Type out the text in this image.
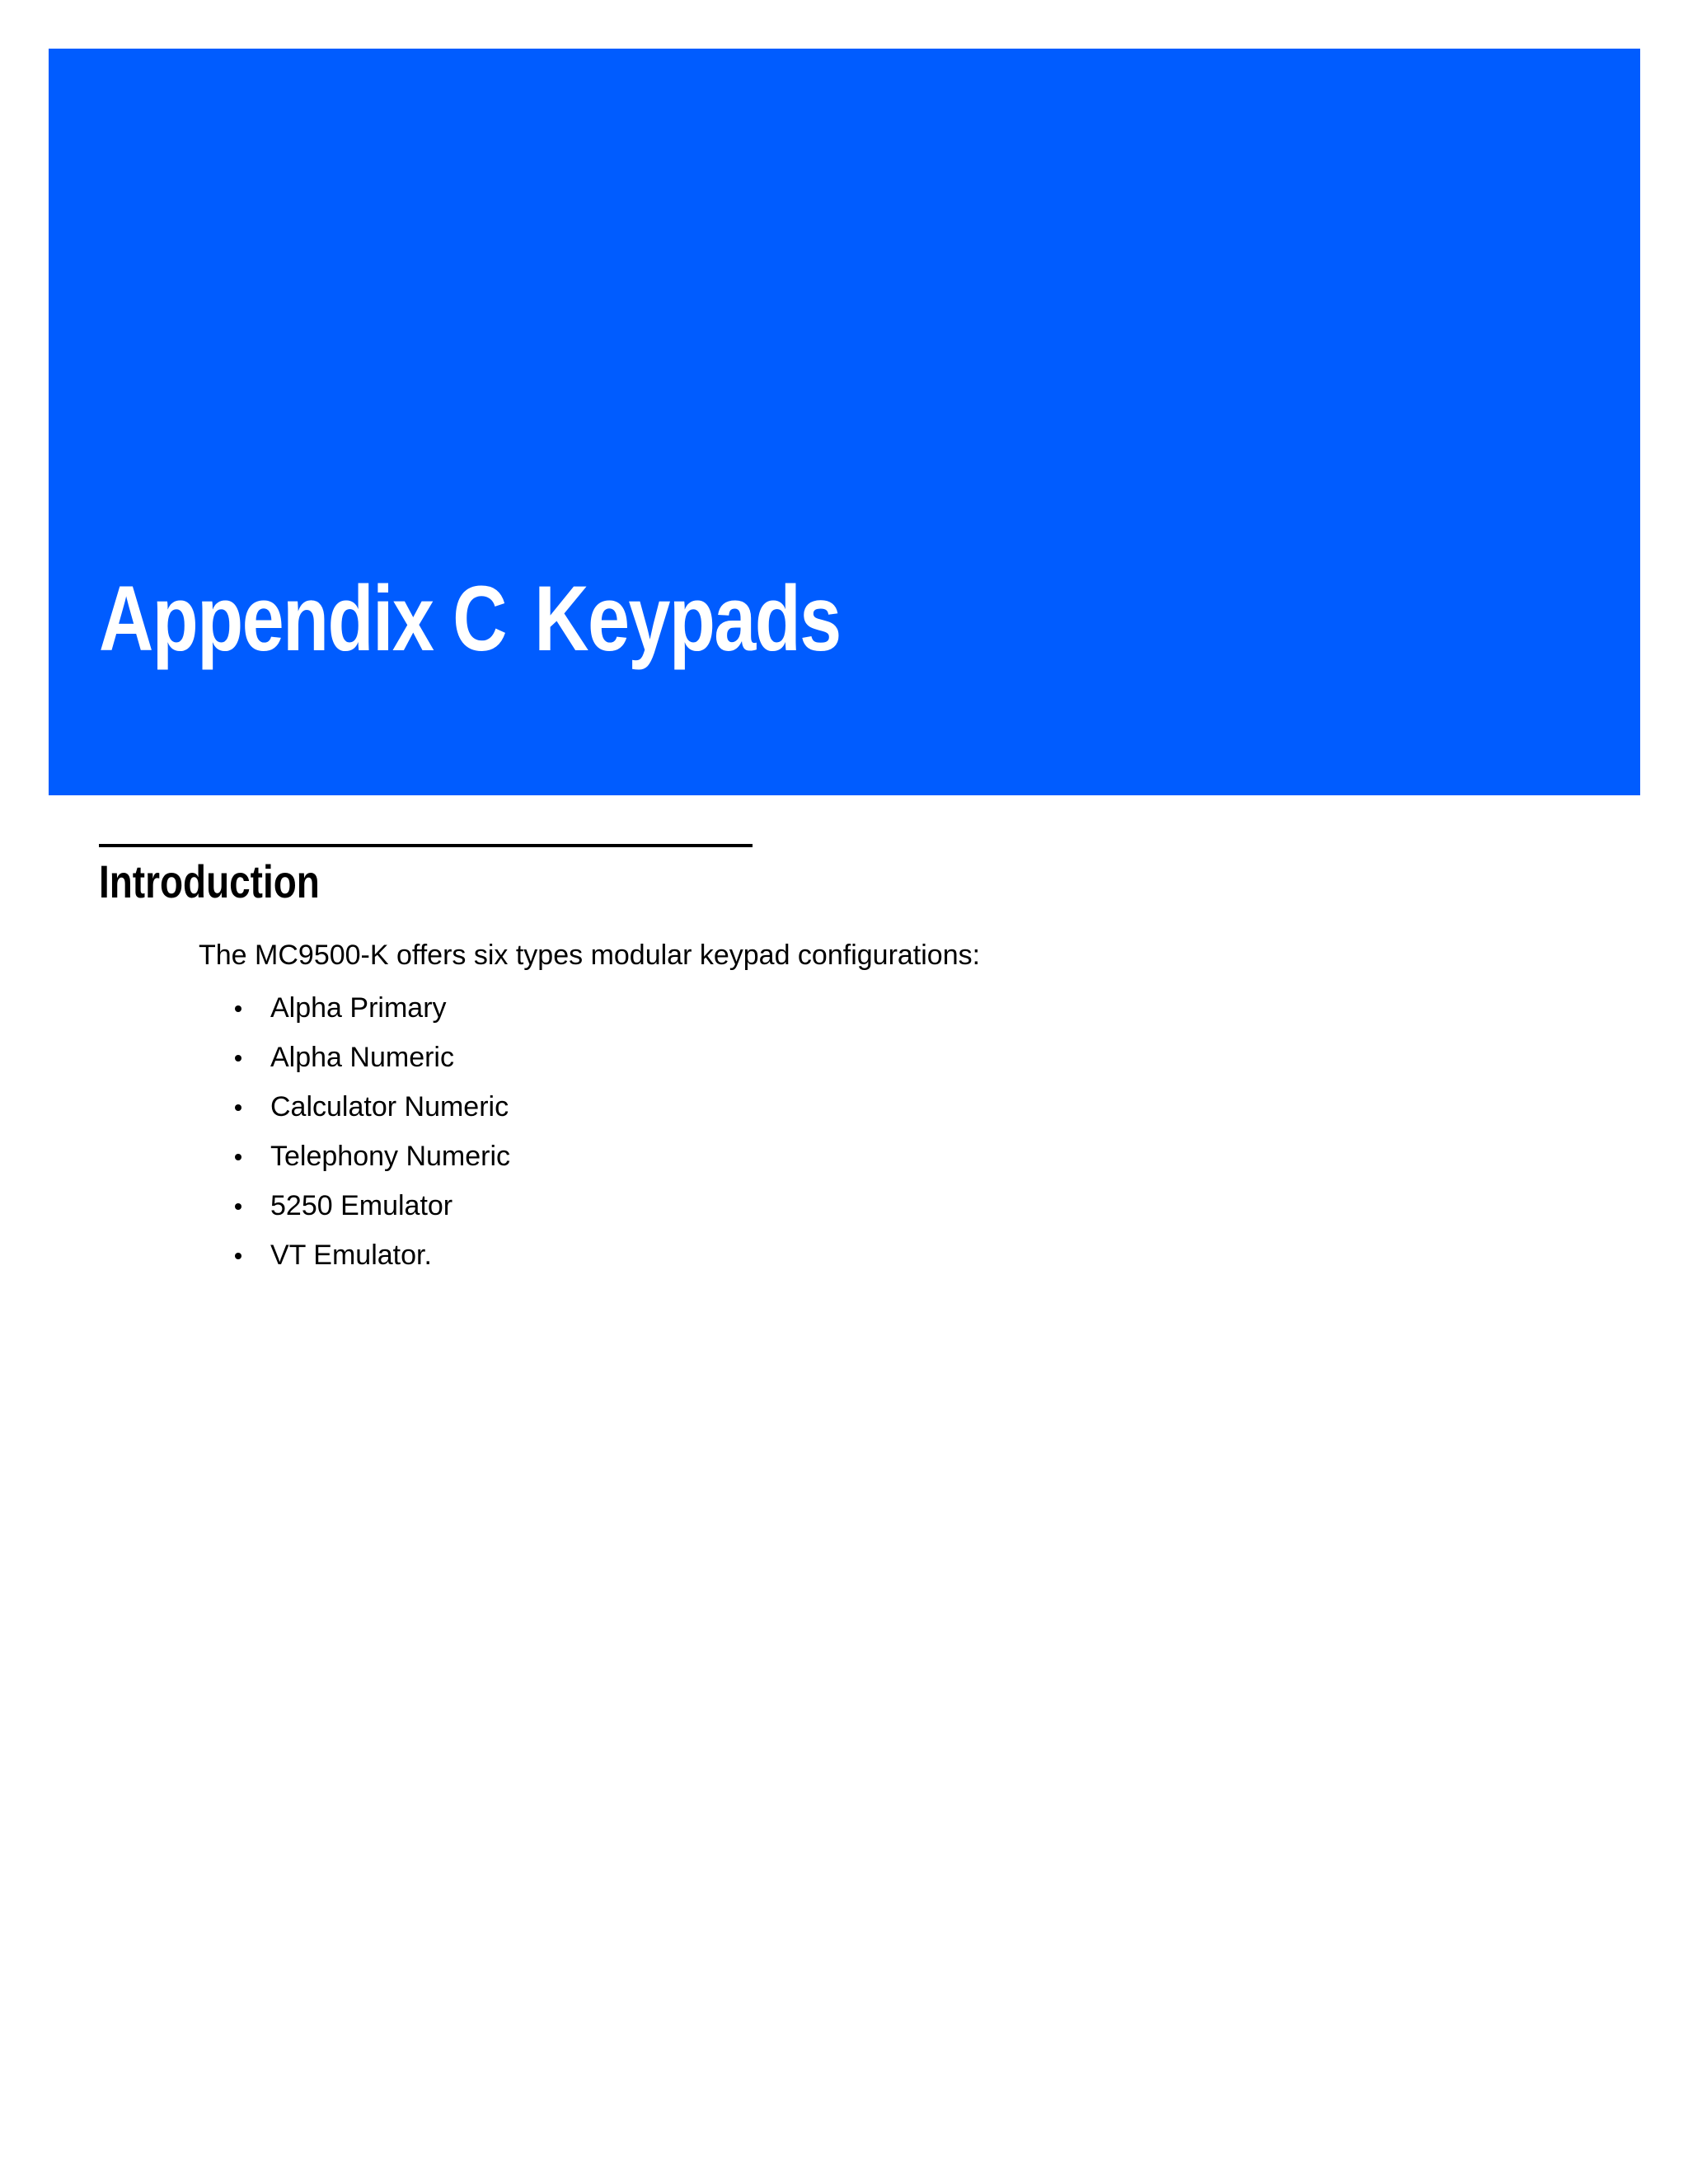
Appendix C Keypads
Introduction

The MC9500-K offers six types modular keypad configurations:

Alpha Primary
Alpha Numeric
Calculator Numeric
Telephony Numeric
5250 Emulator
VT Emulator.
